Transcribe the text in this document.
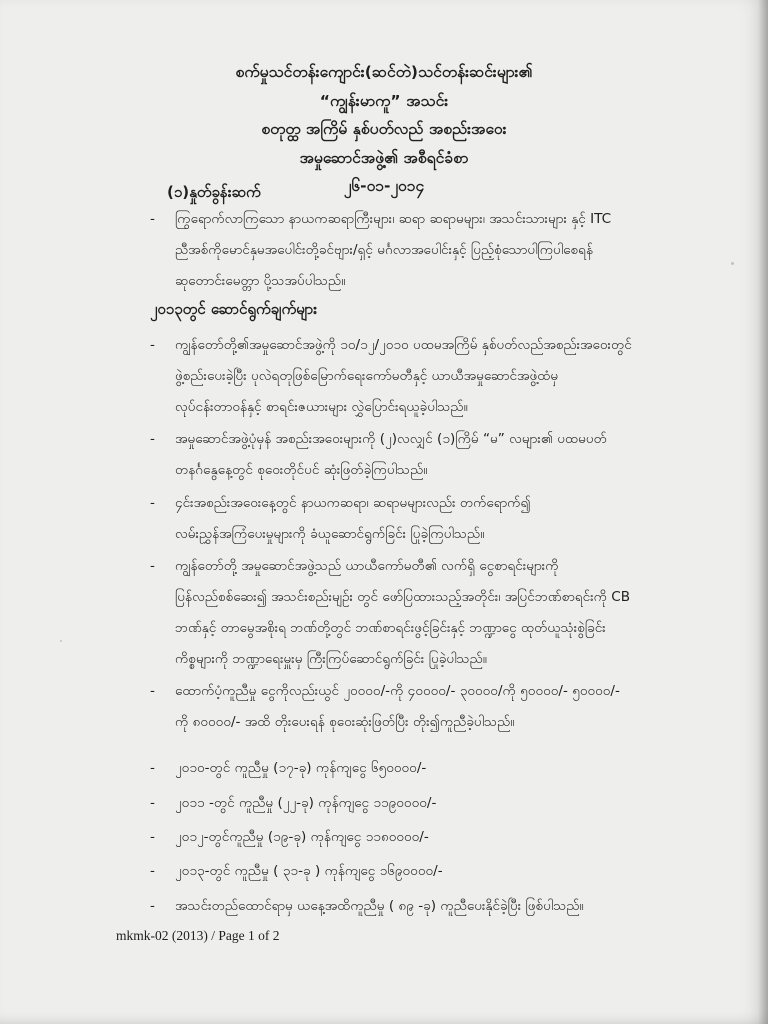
စက်မှုသင်တန်းကျောင်း(ဆင်တဲ)သင်တန်းဆင်းများ၏
“ကျွန်းမာကူ” အသင်း
စတုတ္ထ အကြိမ် နှစ်ပတ်လည် အစည်းအဝေး
အမှုဆောင်အဖွဲ့၏ အစီရင်ခံစာ
၂၆-၀၁-၂၀၁၄
(၁)နှုတ်ခွန်းဆက်
- ကြွရောက်လာကြသော နာယကဆရာကြီးများ၊ ဆရာ ဆရာမများ၊ အသင်းသားများ နှင့် ITC
ညီအစ်ကိုမောင်နှမအပေါင်းတို့ခင်ဗျား/ရှင့် မင်္ဂလာအပေါင်းနှင့် ပြည့်စုံသောပါကြပါစေရန်
ဆုတောင်းမေတ္တာ ပို့သအပ်ပါသည်။
၂၀၁၃တွင် ဆောင်ရွက်ချက်များ
- ကျွန်တော်တို့၏အမှုဆောင်အဖွဲ့ကို ၁၀/၁၂/၂၀၁၀ ပထမအကြိမ် နှစ်ပတ်လည်အစည်းအဝေးတွင်
ဖွဲ့စည်းပေးခဲ့ပြီး ပုလဲရတုဖြစ်မြောက်ရေးကော်မတီနှင့် ယာယီအမှုဆောင်အဖွဲ့ထံမှ
လုပ်ငန်းတာဝန်နှင့် စာရင်းဇယားများ လွှဲပြောင်းရယူခဲ့ပါသည်။
- အမှုဆောင်အဖွဲ့ပုံမှန် အစည်းအဝေးများကို (၂)လလျှင် (၁)ကြိမ် “မ” လများ၏ ပထမပတ်
တနင်္ဂနွေနေ့တွင် စုဝေးတိုင်ပင် ဆုံးဖြတ်ခဲ့ကြပါသည်။
- ၄င်းအစည်းအဝေးနေ့တွင် နာယကဆရာ၊ ဆရာမများလည်း တက်ရောက်၍
လမ်းညွှန်အကြံပေးမှုများကို ခံယူဆောင်ရွက်ခြင်း ပြုခဲ့ကြပါသည်။
- ကျွန်တော်တို့ အမှုဆောင်အဖွဲ့သည် ယာယီကော်မတီ၏ လက်ရှိ ငွေစာရင်းများကို
ပြန်လည်စစ်ဆေး၍ အသင်းစည်းမျဉ်း တွင် ဖော်ပြထားသည့်အတိုင်း၊ အပြင်ဘဏ်စာရင်းကို CB
ဘဏ်နှင့် တာမွေအစိုးရ ဘဏ်တို့တွင် ဘဏ်စာရင်းဖွင့်ခြင်းနှင့် ဘဏ္ဍာငွေ ထုတ်ယူသုံးစွဲခြင်း
ကိစ္စများကို ဘဏ္ဍာရေးမှူးမှ ကြီးကြပ်ဆောင်ရွက်ခြင်း ပြုခဲ့ပါသည်။
- ထောက်ပံ့ကူညီမှု ငွေကိုလည်းယွင် ၂၀၀၀၀/-ကို ၄၀၀၀၀/- ၃၀၀၀၀/ကို ၅၀၀၀၀/- ၅၀၀၀၀/-
ကို ၈၀၀၀၀/- အထိ တိုးပေးရန် စုဝေးဆုံးဖြတ်ပြီး တိုး၍ကူညီခဲ့ပါသည်။
- ၂၀၁၀-တွင် ကူညီမှု (၁၇-ခု) ကုန်ကျငွေ ၆၅၀၀၀၀/-
- ၂၀၁၁ -တွင် ကူညီမှု (၂၂-ခု) ကုန်ကျငွေ ၁၁၉၀၀၀၀/-
- ၂၀၁၂-တွင်ကူညီမှု (၁၉-ခု) ကုန်ကျငွေ ၁၁၈၀၀၀၀/-
- ၂၀၁၃-တွင် ကူညီမှု ( ၃၁-ခု ) ကုန်ကျငွေ ၁၆၉၀၀၀၀/-
- အသင်းတည်ထောင်ရာမှ ယနေ့အထိကူညီမှု ( ၈၉ -ခု) ကူညီပေးနိုင်ခဲ့ပြီး ဖြစ်ပါသည်။
mkmk-02 (2013) / Page 1 of 2
